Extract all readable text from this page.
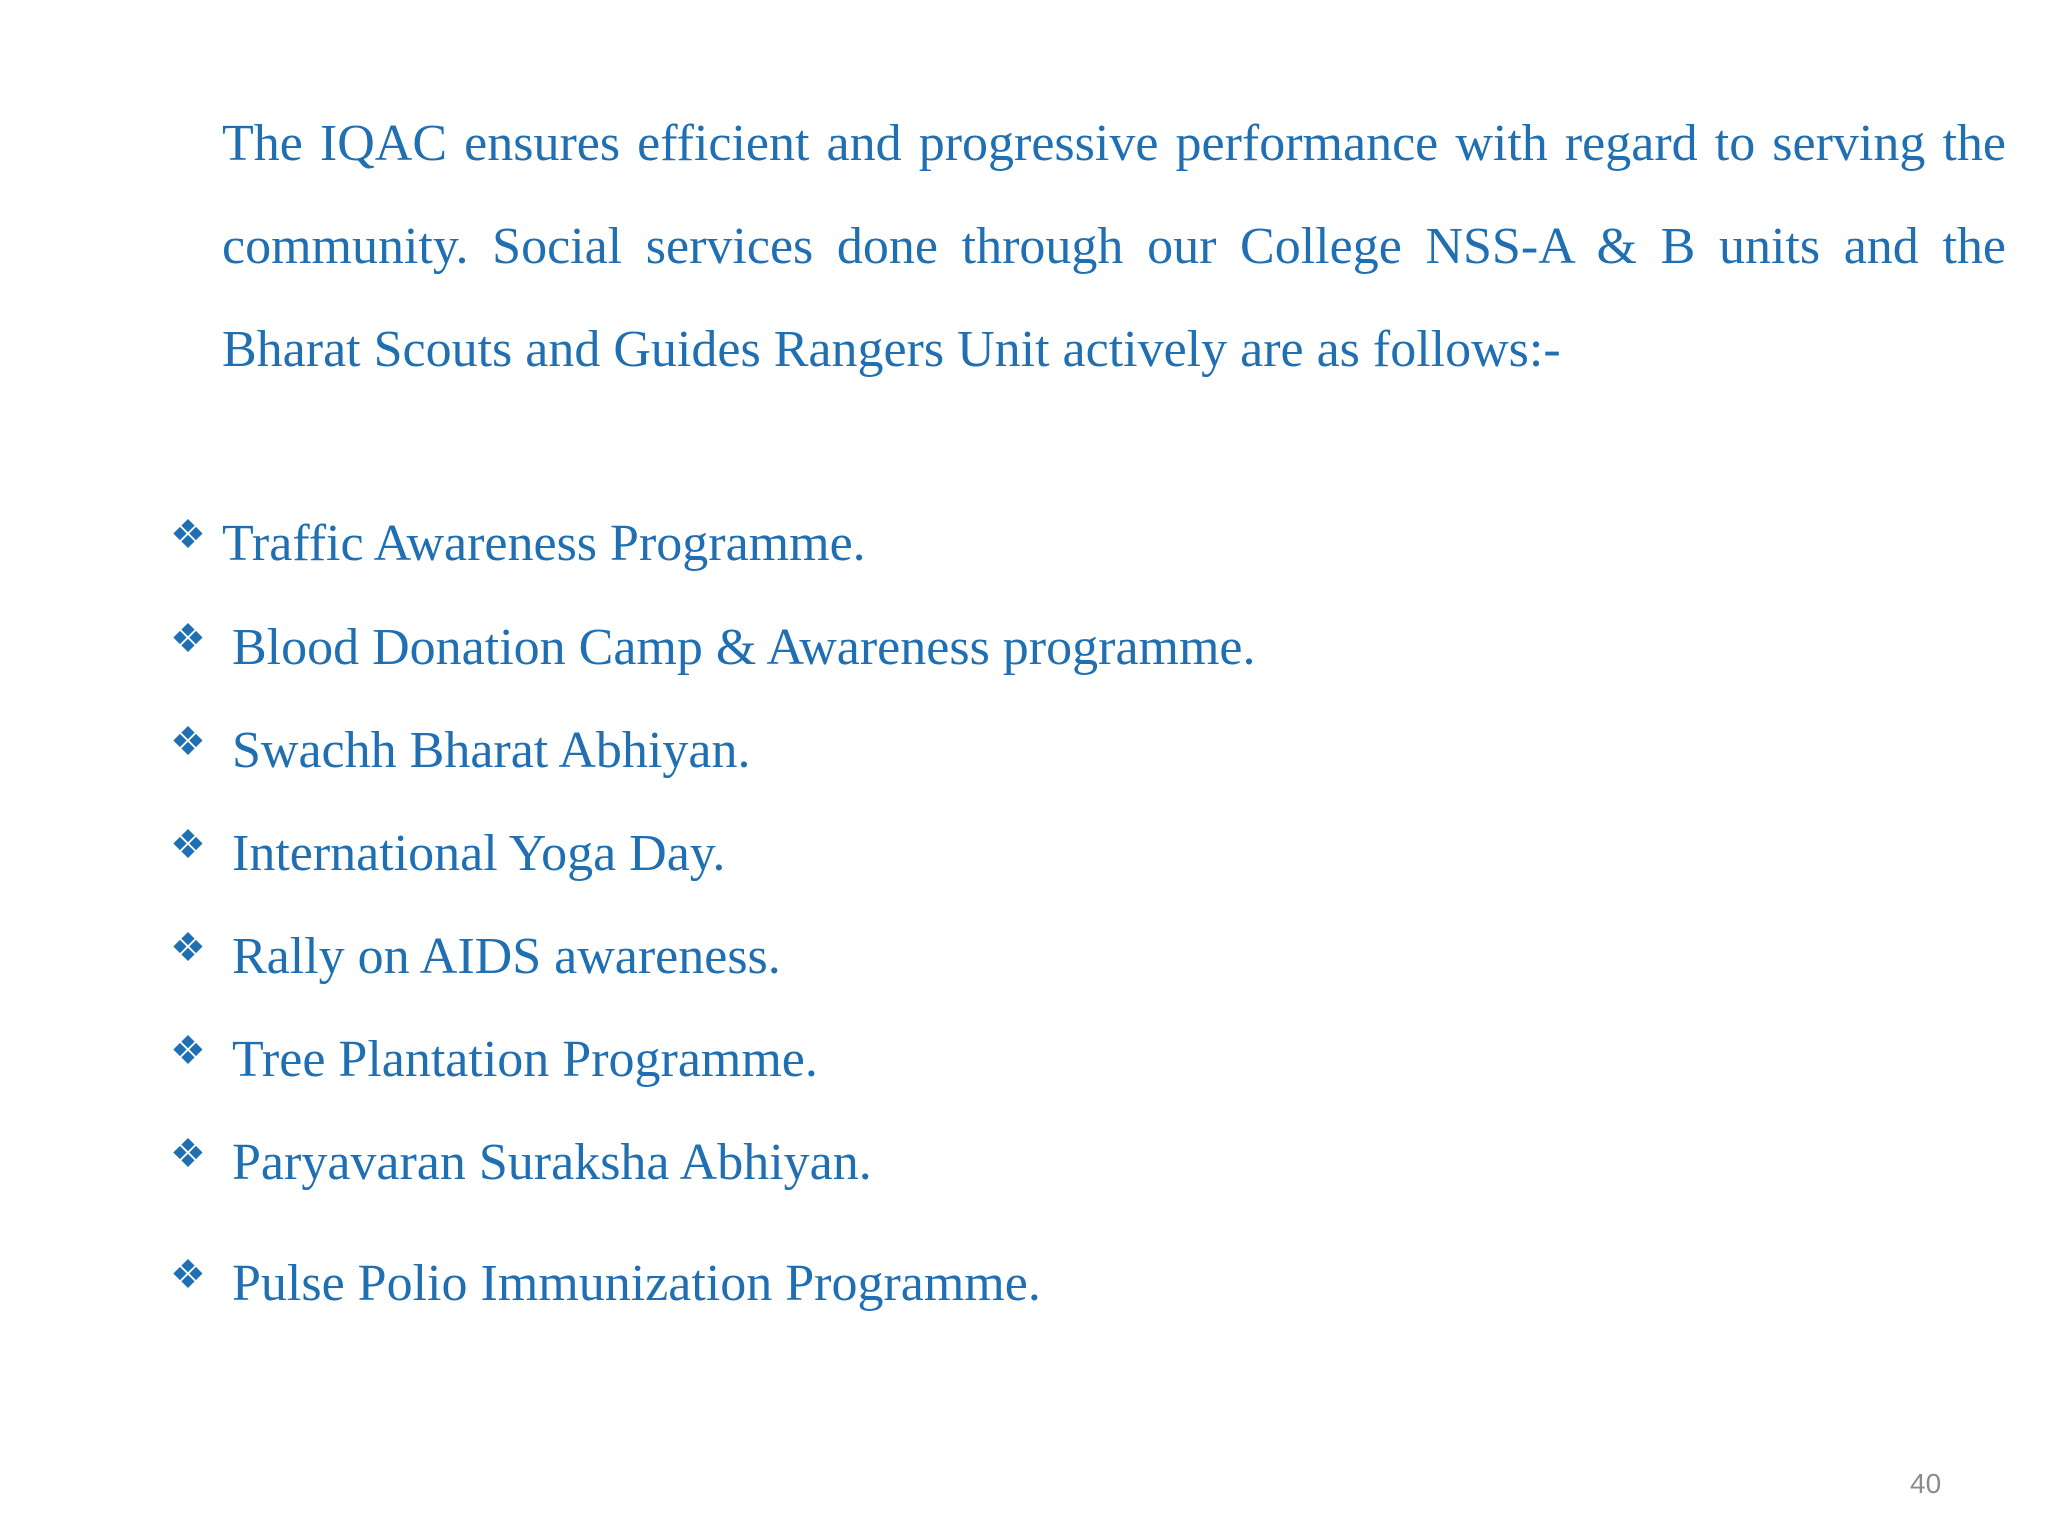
The IQAC ensures efficient and progressive performance with regard to serving the community. Social services done through our College NSS-A & B units and the Bharat Scouts and Guides Rangers Unit actively are as follows:-

❖ Traffic Awareness Programme.
❖ Blood Donation Camp & Awareness programme.
❖ Swachh Bharat Abhiyan.
❖ International Yoga Day.
❖ Rally on AIDS awareness.
❖ Tree Plantation Programme.
❖ Paryavaran Suraksha Abhiyan.
❖ Pulse Polio Immunization Programme.
40
